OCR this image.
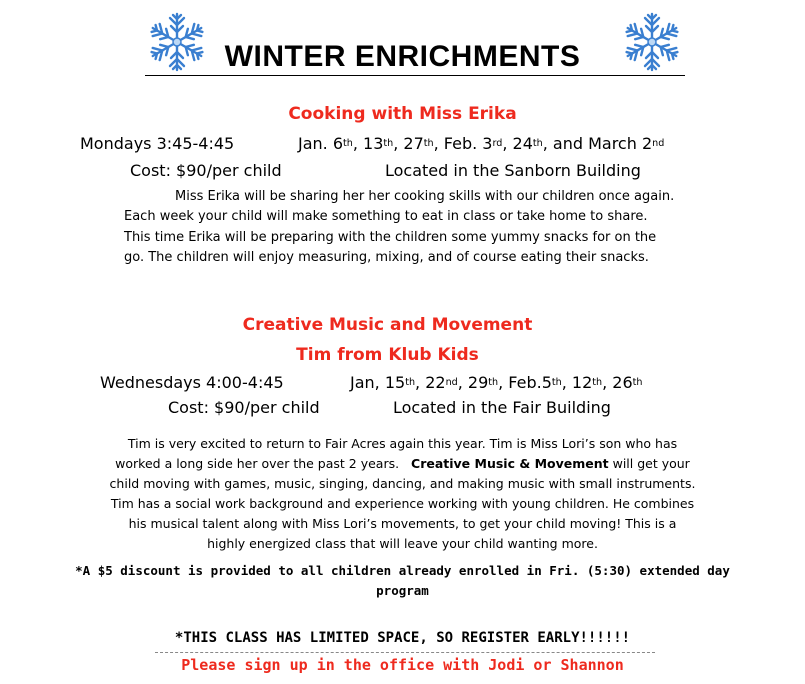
WINTER ENRICHMENTS
Cooking with Miss Erika
Mondays 3:45-4:45	Jan. 6th, 13th, 27th, Feb. 3rd, 24th, and March 2nd
Cost: $90/per child	Located in the Sanborn Building
Miss Erika will be sharing her her cooking skills with our children once again.
Each week your child will make something to eat in class or take home to share.
This time Erika will be preparing with the children some yummy snacks for on the
go. The children will enjoy measuring, mixing, and of course eating their snacks.
Creative Music and Movement
Tim from Klub Kids
Wednesdays 4:00-4:45	Jan, 15th, 22nd, 29th, Feb.5th, 12th, 26th
Cost: $90/per child	Located in the Fair Building
Tim is very excited to return to Fair Acres again this year. Tim is Miss Lori’s son who has
worked a long side her over the past 2 years.   Creative Music & Movement will get your
child moving with games, music, singing, dancing, and making music with small instruments.
Tim has a social work background and experience working with young children. He combines
his musical talent along with Miss Lori’s movements, to get your child moving! This is a
highly energized class that will leave your child wanting more.
*A $5 discount is provided to all children already enrolled in Fri. (5:30) extended day
program
*THIS CLASS HAS LIMITED SPACE, SO REGISTER EARLY!!!!!!
Please sign up in the office with Jodi or Shannon
